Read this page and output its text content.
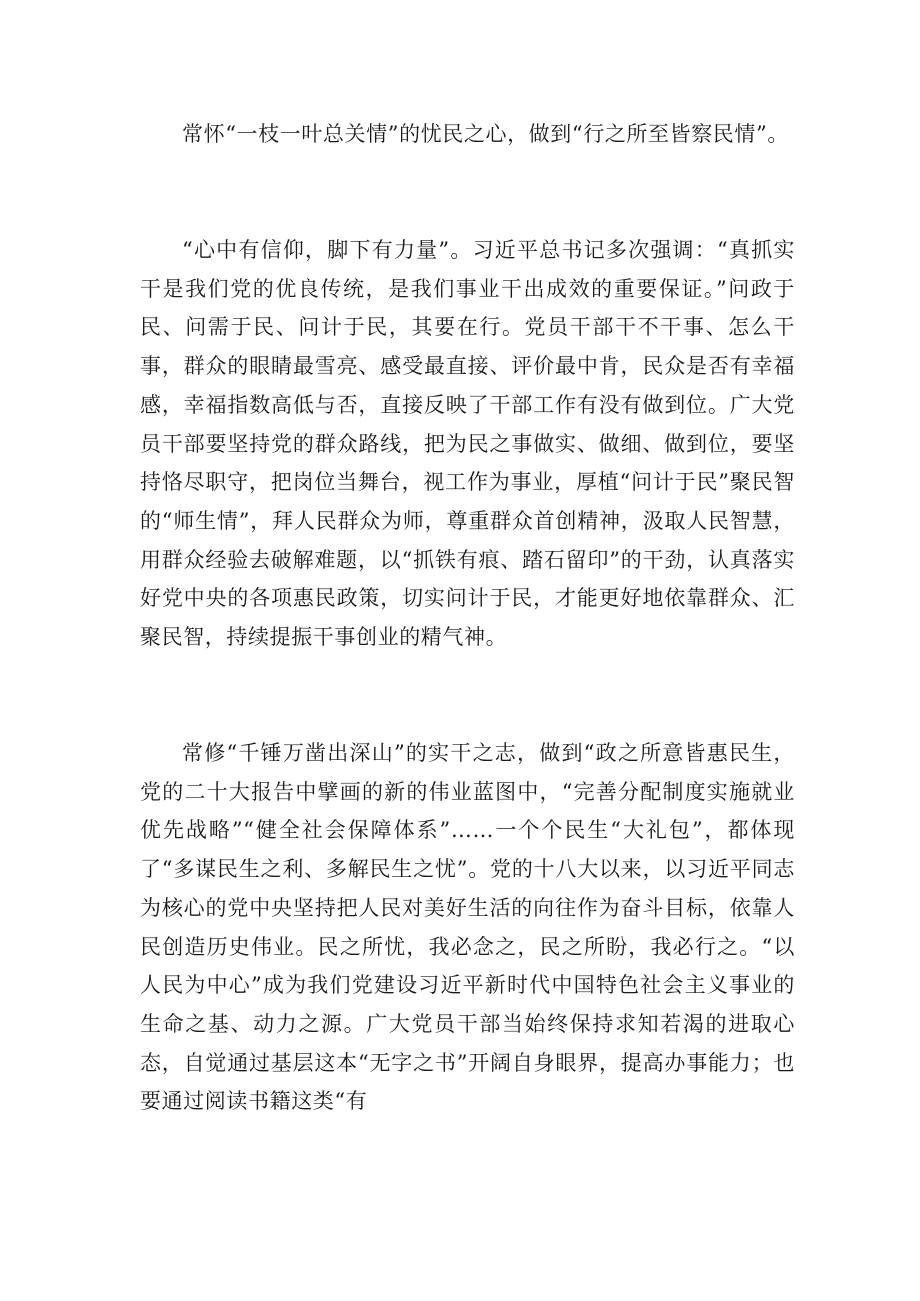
常怀“一枝一叶总关情”的忧民之心，做到“行之所至皆察民情”。

“心中有信仰，脚下有力量”。习近平总书记多次强调：“真抓实干是我们党的优良传统，是我们事业干出成效的重要保证。”问政于民、问需于民、问计于民，其要在行。党员干部干不干事、怎么干事，群众的眼睛最雪亮、感受最直接、评价最中肯，民众是否有幸福感，幸福指数高低与否，直接反映了干部工作有没有做到位。广大党员干部要坚持党的群众路线，把为民之事做实、做细、做到位，要坚持恪尽职守，把岗位当舞台，视工作为事业，厚植“问计于民”聚民智的“师生情”，拜人民群众为师，尊重群众首创精神，汲取人民智慧，用群众经验去破解难题，以“抓铁有痕、踏石留印”的干劲，认真落实好党中央的各项惠民政策，切实问计于民，才能更好地依靠群众、汇聚民智，持续提振干事创业的精气神。

常修“千锤万凿出深山”的实干之志，做到“政之所意皆惠民生，党的二十大报告中擘画的新的伟业蓝图中，“完善分配制度实施就业优先战略”“健全社会保障体系”……一个个民生“大礼包”，都体现了“多谋民生之利、多解民生之忧”。党的十八大以来，以习近平同志为核心的党中央坚持把人民对美好生活的向往作为奋斗目标，依靠人民创造历史伟业。民之所忧，我必念之，民之所盼，我必行之。“以人民为中心”成为我们党建设习近平新时代中国特色社会主义事业的生命之基、动力之源。广大党员干部当始终保持求知若渴的进取心态，自觉通过基层这本“无字之书”开阔自身眼界，提高办事能力；也要通过阅读书籍这类“有
